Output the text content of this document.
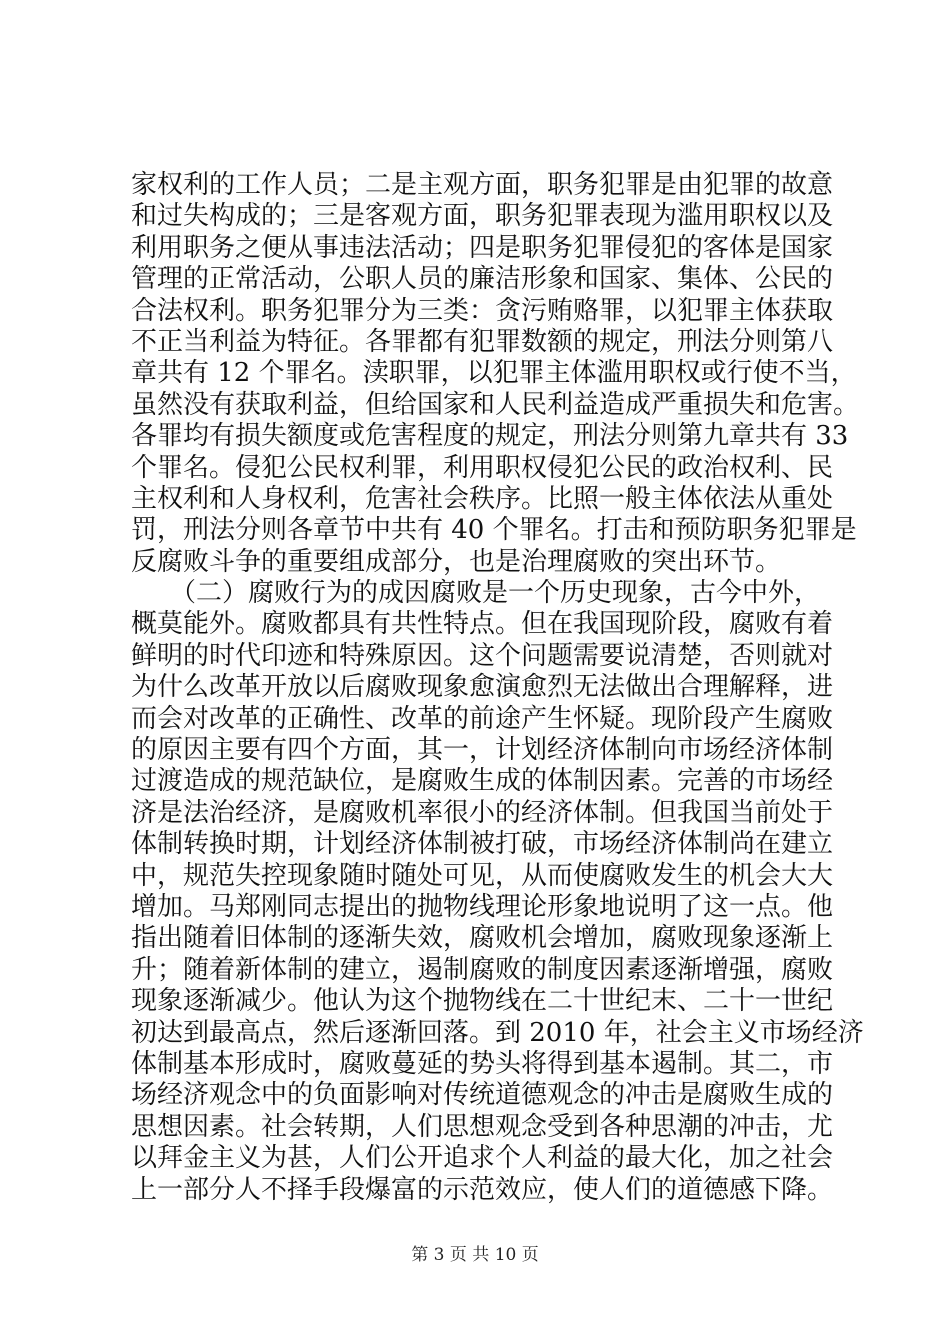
家权利的工作人员；二是主观方面，职务犯罪是由犯罪的故意
和过失构成的；三是客观方面，职务犯罪表现为滥用职权以及
利用职务之便从事违法活动；四是职务犯罪侵犯的客体是国家
管理的正常活动，公职人员的廉洁形象和国家、集体、公民的
合法权利。职务犯罪分为三类：贪污贿赂罪，以犯罪主体获取
不正当利益为特征。各罪都有犯罪数额的规定，刑法分则第八
章共有 12 个罪名。渎职罪，以犯罪主体滥用职权或行使不当，
虽然没有获取利益，但给国家和人民利益造成严重损失和危害。
各罪均有损失额度或危害程度的规定，刑法分则第九章共有 33
个罪名。侵犯公民权利罪，利用职权侵犯公民的政治权利、民
主权利和人身权利，危害社会秩序。比照一般主体依法从重处
罚，刑法分则各章节中共有 40 个罪名。打击和预防职务犯罪是
反腐败斗争的重要组成部分，也是治理腐败的突出环节。
　　（二）腐败行为的成因腐败是一个历史现象，古今中外，
概莫能外。腐败都具有共性特点。但在我国现阶段，腐败有着
鲜明的时代印迹和特殊原因。这个问题需要说清楚，否则就对
为什么改革开放以后腐败现象愈演愈烈无法做出合理解释，进
而会对改革的正确性、改革的前途产生怀疑。现阶段产生腐败
的原因主要有四个方面，其一，计划经济体制向市场经济体制
过渡造成的规范缺位，是腐败生成的体制因素。完善的市场经
济是法治经济，是腐败机率很小的经济体制。但我国当前处于
体制转换时期，计划经济体制被打破，市场经济体制尚在建立
中，规范失控现象随时随处可见，从而使腐败发生的机会大大
增加。马郑刚同志提出的抛物线理论形象地说明了这一点。他
指出随着旧体制的逐渐失效，腐败机会增加，腐败现象逐渐上
升；随着新体制的建立，遏制腐败的制度因素逐渐增强，腐败
现象逐渐减少。他认为这个抛物线在二十世纪末、二十一世纪
初达到最高点，然后逐渐回落。到 2010 年，社会主义市场经济
体制基本形成时，腐败蔓延的势头将得到基本遏制。其二，市
场经济观念中的负面影响对传统道德观念的冲击是腐败生成的
思想因素。社会转期，人们思想观念受到各种思潮的冲击，尤
以拜金主义为甚，人们公开追求个人利益的最大化，加之社会
上一部分人不择手段爆富的示范效应，使人们的道德感下降。
第 3 页 共 10 页
